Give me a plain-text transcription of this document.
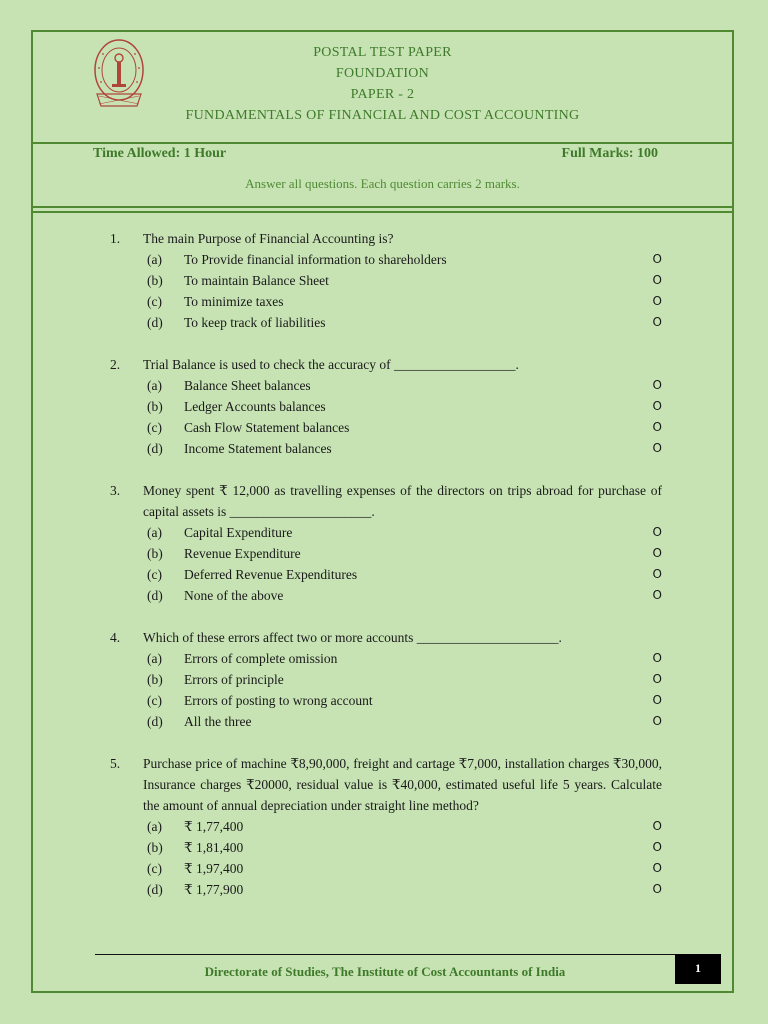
POSTAL TEST PAPER
FOUNDATION
PAPER - 2
FUNDAMENTALS OF FINANCIAL AND COST ACCOUNTING
Time Allowed: 1 Hour	Full Marks: 100
Answer all questions. Each question carries 2 marks.
1.	The main Purpose of Financial Accounting is?
(a)	To Provide financial information to shareholders	O
(b)	To maintain Balance Sheet	O
(c)	To minimize taxes	O
(d)	To keep track of liabilities	O
2.	Trial Balance is used to check the accuracy of __________________.
(a)	Balance Sheet balances	O
(b)	Ledger Accounts balances	O
(c)	Cash Flow Statement balances	O
(d)	Income Statement balances	O
3.	Money spent ₹ 12,000 as travelling expenses of the directors on trips abroad for purchase of capital assets is _____________________.
(a)	Capital Expenditure	O
(b)	Revenue Expenditure	O
(c)	Deferred Revenue Expenditures	O
(d)	None of the above	O
4.	Which of these errors affect two or more accounts _____________________.
(a)	Errors of complete omission	O
(b)	Errors of principle	O
(c)	Errors of posting to wrong account	O
(d)	All the three	O
5.	Purchase price of machine ₹8,90,000, freight and cartage ₹7,000, installation charges ₹30,000, Insurance charges ₹20000, residual value is ₹40,000, estimated useful life 5 years. Calculate the amount of annual depreciation under straight line method?
(a)	₹ 1,77,400	O
(b)	₹ 1,81,400	O
(c)	₹ 1,97,400	O
(d)	₹ 1,77,900	O
Directorate of Studies, The Institute of Cost Accountants of India	1
